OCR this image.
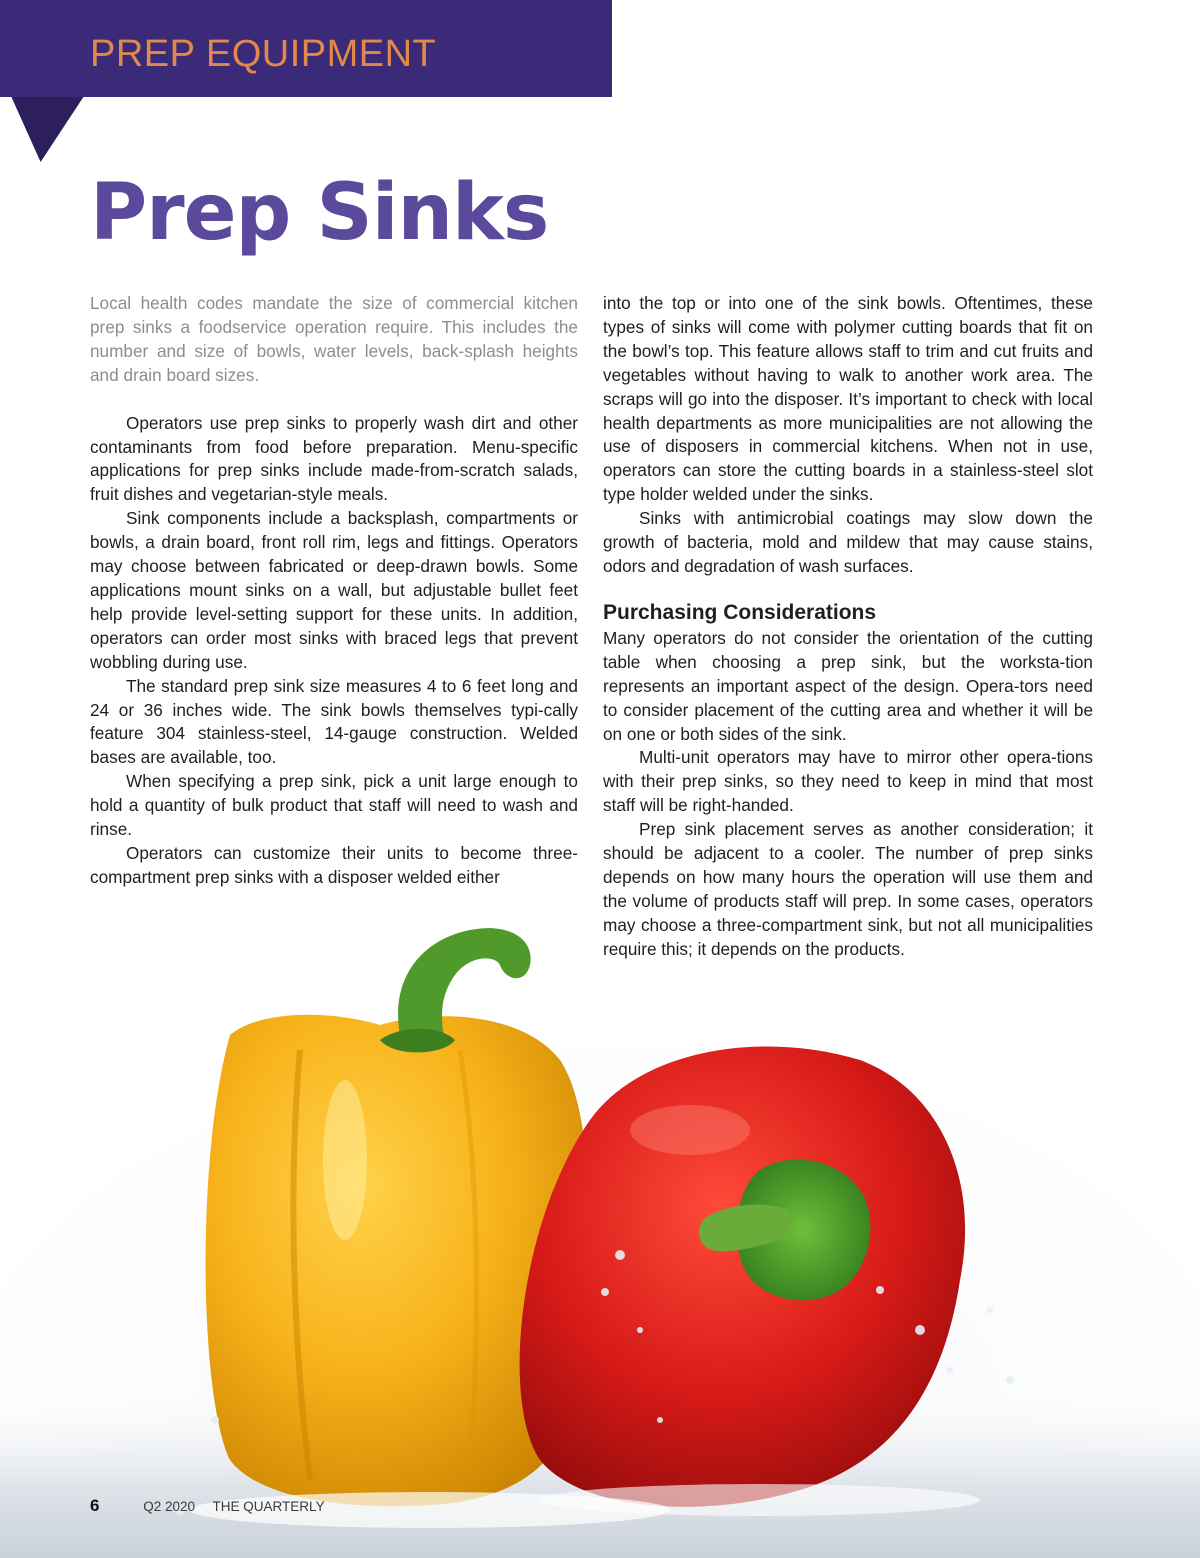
PREP EQUIPMENT
Prep Sinks

Local health codes mandate the size of commercial kitchen prep sinks a foodservice operation require. This includes the number and size of bowls, water levels, back-splash heights and drain board sizes.

Operators use prep sinks to properly wash dirt and other contaminants from food before preparation. Menu-specific applications for prep sinks include made-from-scratch salads, fruit dishes and vegetarian-style meals.

Sink components include a backsplash, compartments or bowls, a drain board, front roll rim, legs and fittings. Operators may choose between fabricated or deep-drawn bowls. Some applications mount sinks on a wall, but adjustable bullet feet help provide level-setting support for these units. In addition, operators can order most sinks with braced legs that prevent wobbling during use.

The standard prep sink size measures 4 to 6 feet long and 24 or 36 inches wide. The sink bowls themselves typi-cally feature 304 stainless-steel, 14-gauge construction. Welded bases are available, too.

When specifying a prep sink, pick a unit large enough to hold a quantity of bulk product that staff will need to wash and rinse.

Operators can customize their units to become three-compartment prep sinks with a disposer welded either

into the top or into one of the sink bowls. Oftentimes, these types of sinks will come with polymer cutting boards that fit on the bowl’s top. This feature allows staff to trim and cut fruits and vegetables without having to walk to another work area. The scraps will go into the disposer. It’s important to check with local health departments as more municipalities are not allowing the use of disposers in commercial kitchens. When not in use, operators can store the cutting boards in a stainless-steel slot type holder welded under the sinks.

Sinks with antimicrobial coatings may slow down the growth of bacteria, mold and mildew that may cause stains, odors and degradation of wash surfaces.

Purchasing Considerations

Many operators do not consider the orientation of the cutting table when choosing a prep sink, but the worksta-tion represents an important aspect of the design. Opera-tors need to consider placement of the cutting area and whether it will be on one or both sides of the sink.

Multi-unit operators may have to mirror other opera-tions with their prep sinks, so they need to keep in mind that most staff will be right-handed.

Prep sink placement serves as another consideration; it should be adjacent to a cooler. The number of prep sinks depends on how many hours the operation will use them and the volume of products staff will prep. In some cases, operators may choose a three-compartment sink, but not all municipalities require this; it depends on the products.

6	Q2 2020 THE QUARTERLY
